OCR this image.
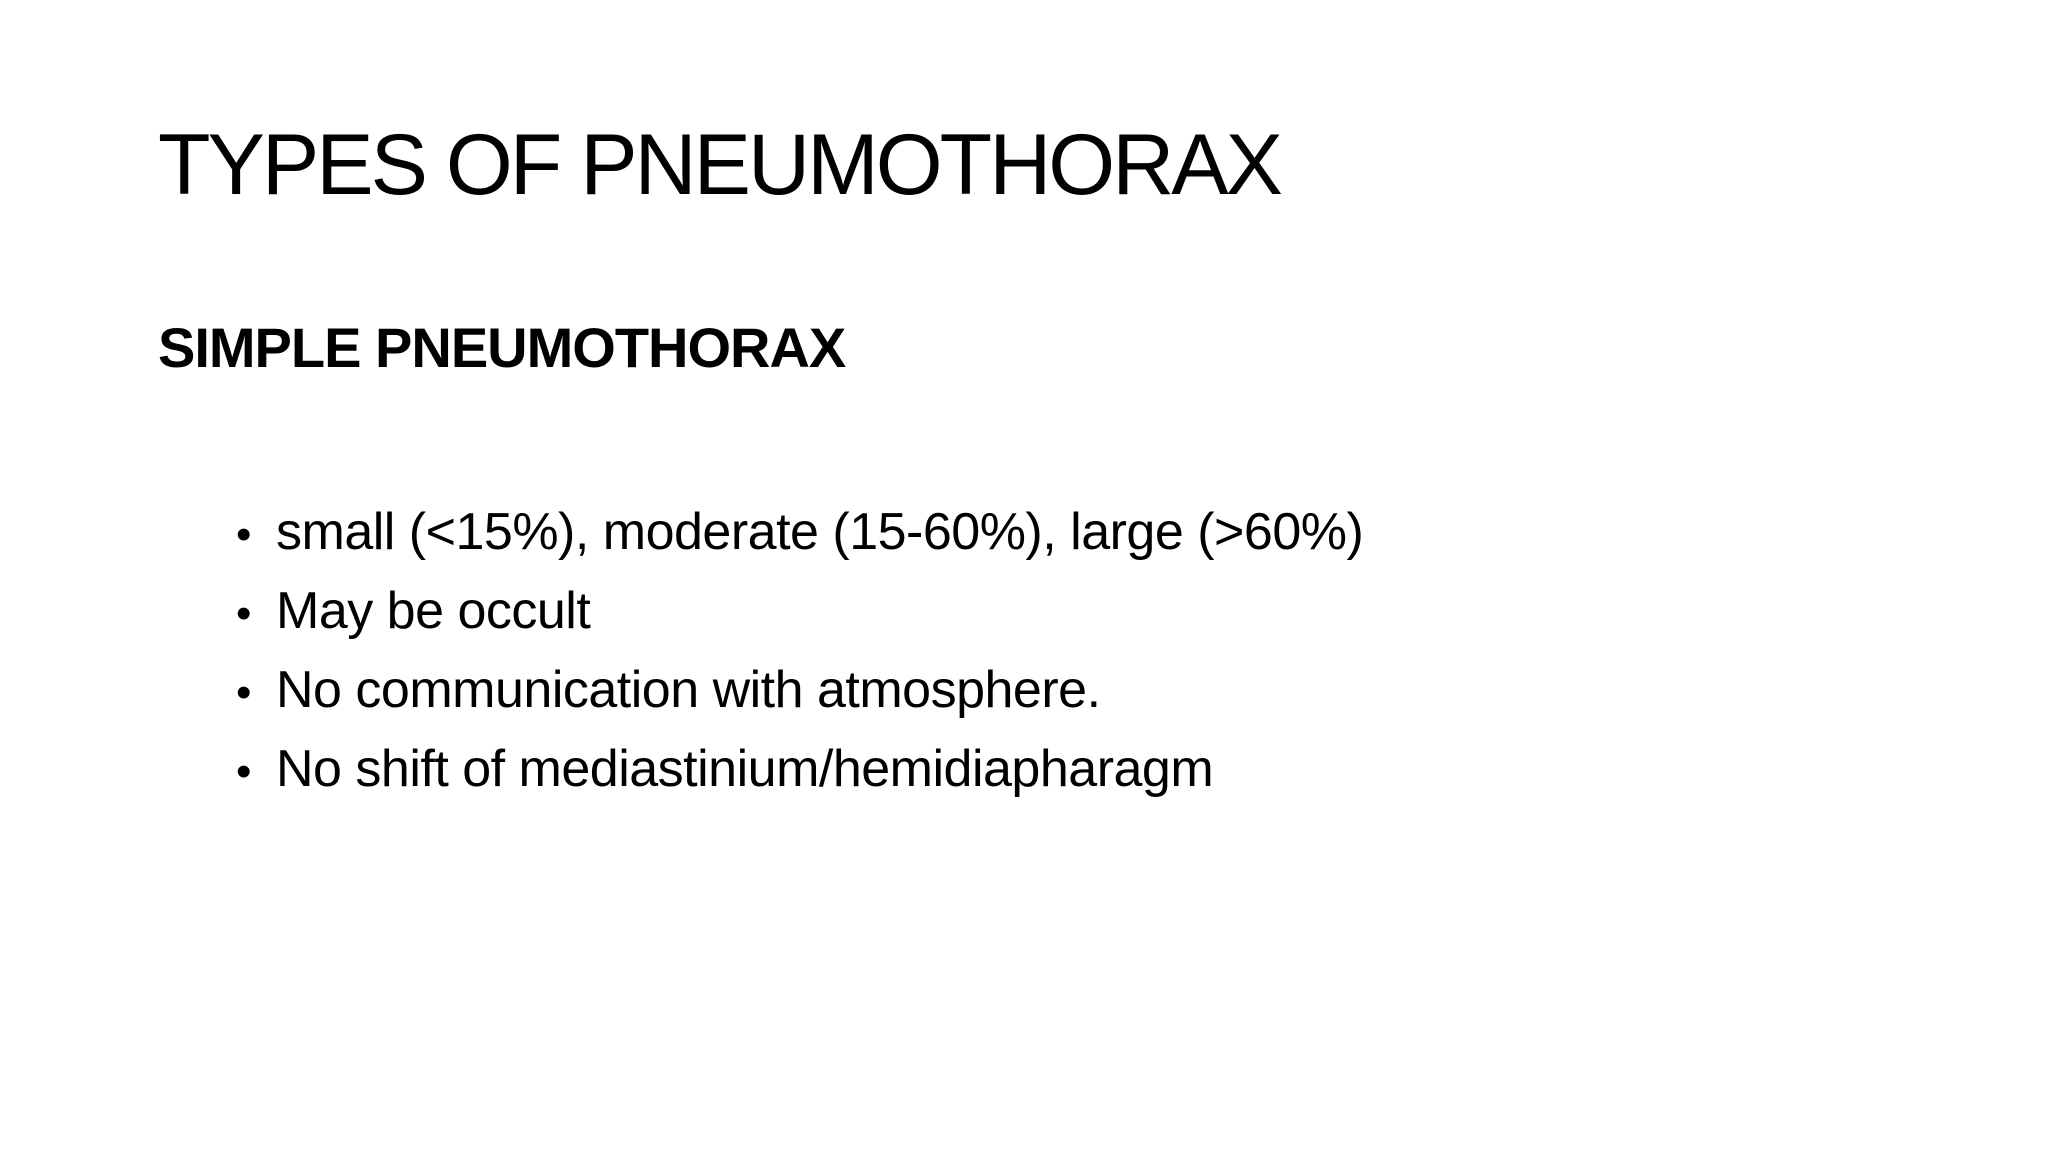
TYPES OF PNEUMOTHORAX
SIMPLE PNEUMOTHORAX
• small (<15%), moderate (15-60%), large (>60%)
• May be occult
• No communication with atmosphere.
• No shift of mediastinium/hemidiapharagm
